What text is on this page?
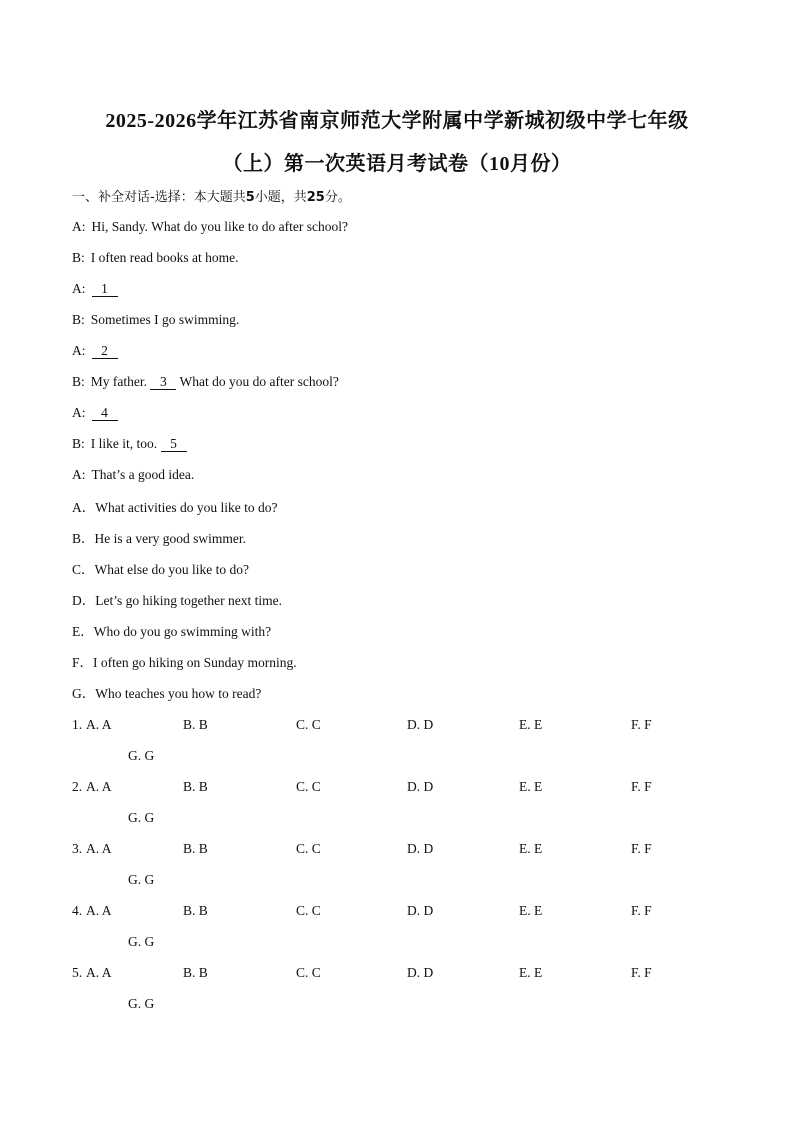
2025-2026学年江苏省南京师范大学附属中学新城初级中学七年级
（上）第一次英语月考试卷（10月份）
一、补全对话-选择：本大题共5小题，共25分。
A: Hi, Sandy. What do you like to do after school?
B: I often read books at home.
A: 1
B: Sometimes I go swimming.
A: 2
B: My father. 3 What do you do after school?
A: 4
B: I like it, too. 5
A: That’s a good idea.
A．What activities do you like to do?
B．He is a very good swimmer.
C．What else do you like to do?
D．Let’s go hiking together next time.
E．Who do you go swimming with?
F．I often go hiking on Sunday morning.
G．Who teaches you how to read?
1. A. A	B. B	C. C	D. D	E. E	F. F
G. G
2. A. A	B. B	C. C	D. D	E. E	F. F
G. G
3. A. A	B. B	C. C	D. D	E. E	F. F
G. G
4. A. A	B. B	C. C	D. D	E. E	F. F
G. G
5. A. A	B. B	C. C	D. D	E. E	F. F
G. G
